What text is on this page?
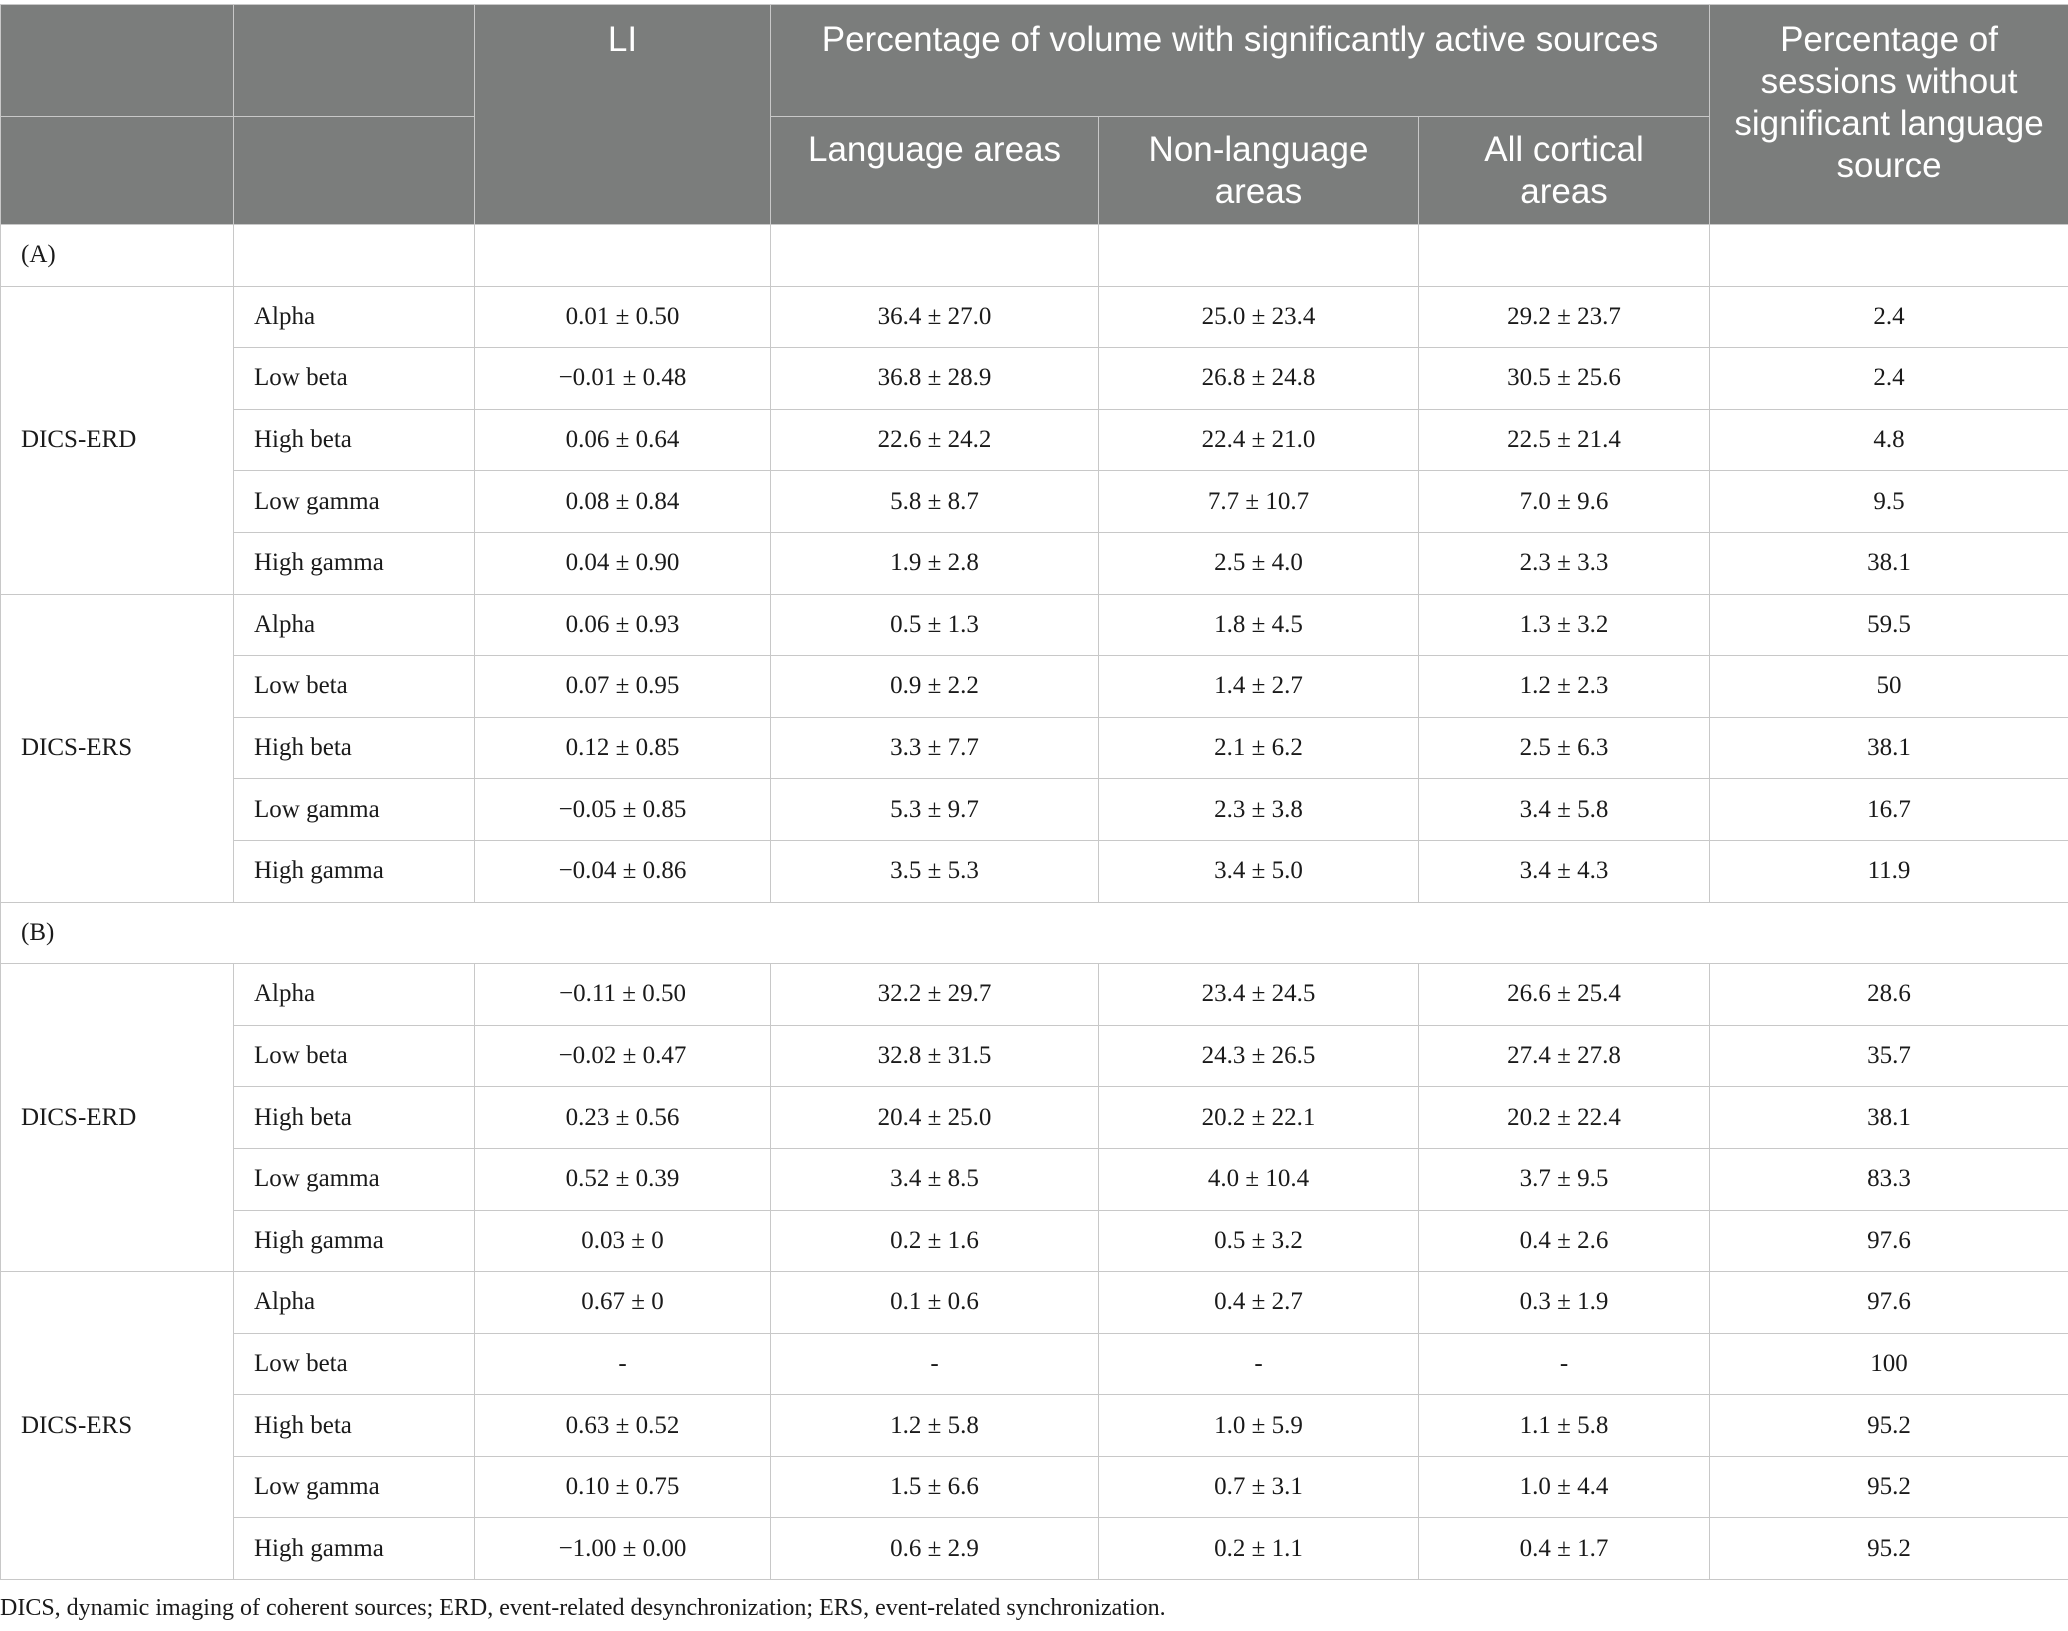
		LI	Percentage of volume with significantly active sources			Percentage of sessions without significant language source
			Language areas	Non-language areas	All cortical areas	
(A)						
DICS-ERD	Alpha	0.01 ± 0.50	36.4 ± 27.0	25.0 ± 23.4	29.2 ± 23.7	2.4
	Low beta	−0.01 ± 0.48	36.8 ± 28.9	26.8 ± 24.8	30.5 ± 25.6	2.4
	High beta	0.06 ± 0.64	22.6 ± 24.2	22.4 ± 21.0	22.5 ± 21.4	4.8
	Low gamma	0.08 ± 0.84	5.8 ± 8.7	7.7 ± 10.7	7.0 ± 9.6	9.5
	High gamma	0.04 ± 0.90	1.9 ± 2.8	2.5 ± 4.0	2.3 ± 3.3	38.1
DICS-ERS	Alpha	0.06 ± 0.93	0.5 ± 1.3	1.8 ± 4.5	1.3 ± 3.2	59.5
	Low beta	0.07 ± 0.95	0.9 ± 2.2	1.4 ± 2.7	1.2 ± 2.3	50
	High beta	0.12 ± 0.85	3.3 ± 7.7	2.1 ± 6.2	2.5 ± 6.3	38.1
	Low gamma	−0.05 ± 0.85	5.3 ± 9.7	2.3 ± 3.8	3.4 ± 5.8	16.7
	High gamma	−0.04 ± 0.86	3.5 ± 5.3	3.4 ± 5.0	3.4 ± 4.3	11.9
(B)						
DICS-ERD	Alpha	−0.11 ± 0.50	32.2 ± 29.7	23.4 ± 24.5	26.6 ± 25.4	28.6
	Low beta	−0.02 ± 0.47	32.8 ± 31.5	24.3 ± 26.5	27.4 ± 27.8	35.7
	High beta	0.23 ± 0.56	20.4 ± 25.0	20.2 ± 22.1	20.2 ± 22.4	38.1
	Low gamma	0.52 ± 0.39	3.4 ± 8.5	4.0 ± 10.4	3.7 ± 9.5	83.3
	High gamma	0.03 ± 0	0.2 ± 1.6	0.5 ± 3.2	0.4 ± 2.6	97.6
DICS-ERS	Alpha	0.67 ± 0	0.1 ± 0.6	0.4 ± 2.7	0.3 ± 1.9	97.6
	Low beta	-	-	-	-	100
	High beta	0.63 ± 0.52	1.2 ± 5.8	1.0 ± 5.9	1.1 ± 5.8	95.2
	Low gamma	0.10 ± 0.75	1.5 ± 6.6	0.7 ± 3.1	1.0 ± 4.4	95.2
	High gamma	−1.00 ± 0.00	0.6 ± 2.9	0.2 ± 1.1	0.4 ± 1.7	95.2
DICS, dynamic imaging of coherent sources; ERD, event-related desynchronization; ERS, event-related synchronization.
